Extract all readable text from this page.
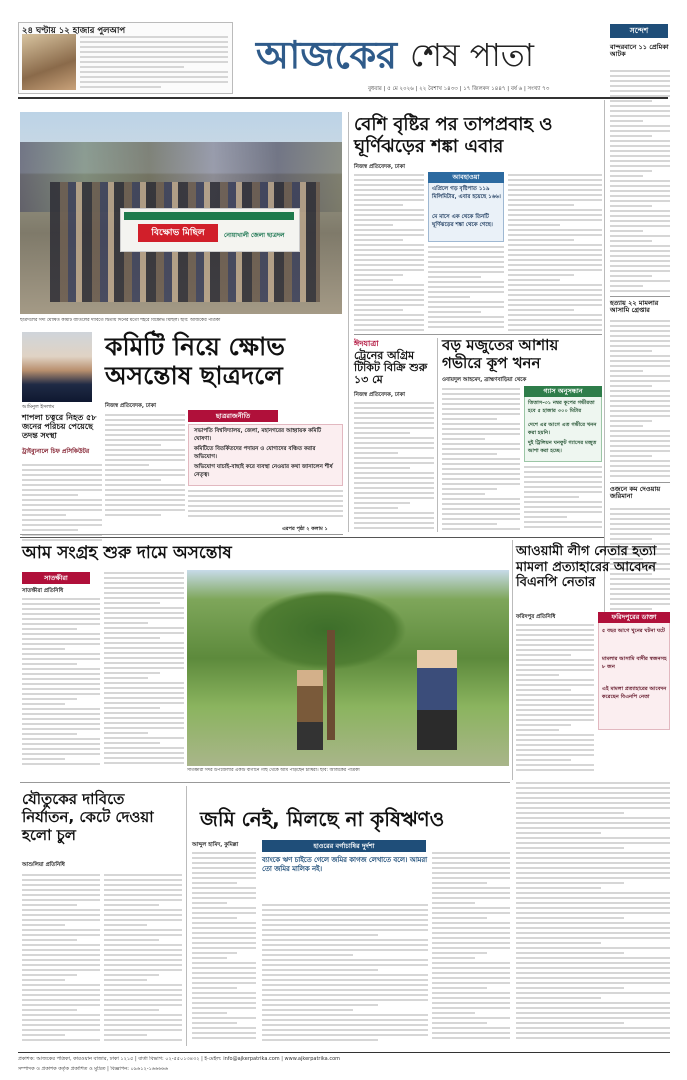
২৪ ঘণ্টায় ১২ হাজার পুলআপ
আজকের শেষ পাতা
বুধবার | ৫ মে ২০২৬ | ২২ বৈশাখ ১৪৩৩ | ১৭ জিলকদ ১৪৪৭ | বর্ষ ৬ | সংখ্যা ৭৩
সন্দেশ
বান্দরবানে ১১ প্রেমিকা আটক
হত্যায় ২২ মামলার আসামি গ্রেপ্তার
ওজনে কম দেওয়ায় জরিমানা
বিক্ষোভ মিছিল	নোয়াখালী জেলা ছাত্রদল
ছাত্রদলের সদ্য ঘোষিত কমিটি বাতিলের দাবিতে দ্বিতীয় দিনের মতো শহরে বিক্ষোভ মিছিল। ছবি: আজকের পত্রিকা
আমিনুল ইসলাম
শাপলা চত্বরে নিহত ৫৮ জনের পরিচয় পেয়েছে তদন্ত সংস্থা
ট্রাইব্যুনালে চিফ প্রসিকিউটর
কমিটি নিয়ে ক্ষোভ অসন্তোষ ছাত্রদলে
নিজস্ব প্রতিবেদক, ঢাকা
ছাত্ররাজনীতি
সভাপতি বিশ্ববিদ্যালয়, জেলা, মহানগরের আহ্বায়ক কমিটি ঘোষণা।
কমিটিতে বিতর্কিতদের পদায়ন ও যোগ্যদের বঞ্চিত করার অভিযোগ।
অভিযোগ যাচাই-বাছাই করে ব্যবস্থা নেওয়ার কথা জানালেন শীর্ষ নেতৃত্ব।
এরপর পৃষ্ঠা ২ কলাম ১
বেশি বৃষ্টির পর তাপপ্রবাহ ও ঘূর্ণিঝড়ের শঙ্কা এবার
নিজস্ব প্রতিবেদক, ঢাকা
আবহাওয়া
এপ্রিলে গড় বৃষ্টিপাত ১১৯ মিলিমিটার, এবার হয়েছে ১৬৬।
মে মাসে এক থেকে তিনটি ঘূর্ণিঝড়ের শঙ্কা থেকে গেছে।
ঈদযাত্রা
ট্রেনের অগ্রিম টিকিট বিক্রি শুরু ১৩ মে
নিজস্ব প্রতিবেদক, ঢাকা
বড় মজুতের আশায় গভীরে কূপ খনন
ওবায়দুল আহমেদ, ব্রাহ্মণবাড়িয়া থেকে
গ্যাস অনুসন্ধান
তিতাস-৩১ নম্বর কূপের গভীরতা হবে ৫ হাজার ৩০০ মিটার
দেশে এর আগে এত গভীরে খনন করা হয়নি।
দুই ট্রিলিয়ন ঘনফুট গ্যাসের মজুত আশা করা হচ্ছে।
আম সংগ্রহ শুরু দামে অসন্তোষ
সাতক্ষীরা
সাতক্ষীরা প্রতিনিধি
সাতক্ষীরা সদর উপজেলার একটি বাগানে গাছ থেকে আম পাড়ছেন চাষিরা। ছবি: আজকের পত্রিকা
আওয়ামী লীগ নেতার হত্যা মামলা প্রত্যাহারের আবেদন বিএনপি নেতার
ফরিদপুর প্রতিনিধি	ফরিদপুরের ডাক্তা
৫ বছর আগে খুনের ঘটনা ঘটে
মামলার আসামি বাদীর স্বজনসহ ৮ জন
এই মামলা প্রত্যাহারের আবেদন করেছেন বিএনপি নেতা
যৌতুকের দাবিতে নির্যাতন, কেটে দেওয়া হলো চুল
আশুলিয়া প্রতিনিধি
জমি নেই, মিলছে না কৃষিঋণও
আব্দুল হামিদ, কুমিল্লা	হাওরের বর্গাচাষির দুর্দশা
ব্যাংকে ঋণ চাইতে গেলে জমির কাগজ লেখাতে বলে। আমরা তো জমির মালিক নই।
প্রকাশক: আজকের পত্রিকা, কারওয়ান বাজার, ঢাকা ১২১৫ | বার্তা বিভাগ: ০২-৫৫০১৩৪৩২ | ই-মেইল: info@ajkerpatrika.com | www.ajkerpatrika.com
সম্পাদক ও প্রকাশক কর্তৃক প্রকাশিত ও মুদ্রিত | বিজ্ঞাপন: ০৯৬১২-১৬৬৬৬৬
